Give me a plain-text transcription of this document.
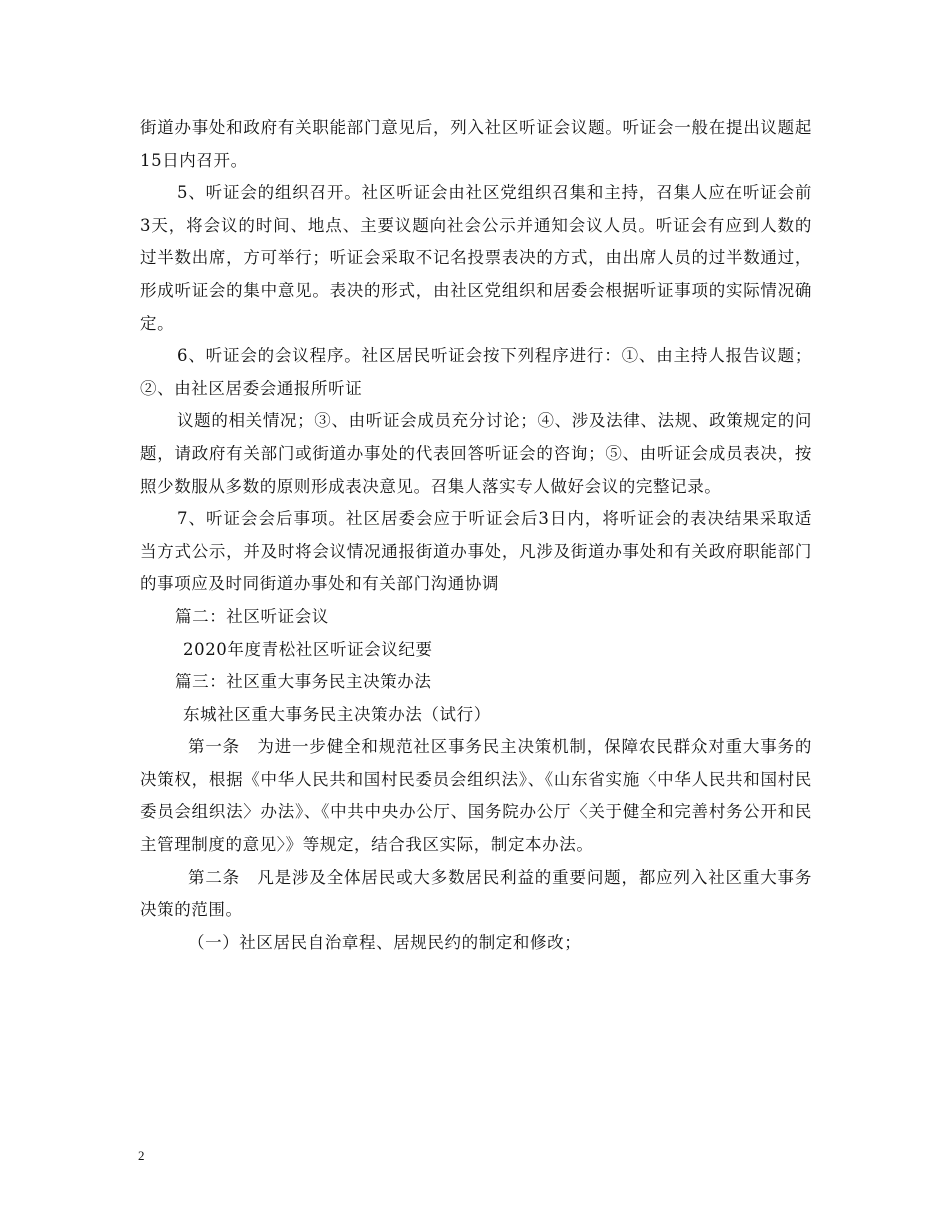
街道办事处和政府有关职能部门意见后，列入社区听证会议题。听证会一般在提出议题起15日内召开。

5、听证会的组织召开。社区听证会由社区党组织召集和主持，召集人应在听证会前3天，将会议的时间、地点、主要议题向社会公示并通知会议人员。听证会有应到人数的过半数出席，方可举行；听证会采取不记名投票表决的方式，由出席人员的过半数通过，形成听证会的集中意见。表决的形式，由社区党组织和居委会根据听证事项的实际情况确定。

6、听证会的会议程序。社区居民听证会按下列程序进行：①、由主持人报告议题；②、由社区居委会通报所听证

议题的相关情况；③、由听证会成员充分讨论；④、涉及法律、法规、政策规定的问题，请政府有关部门或街道办事处的代表回答听证会的咨询；⑤、由听证会成员表决，按照少数服从多数的原则形成表决意见。召集人落实专人做好会议的完整记录。

7、听证会会后事项。社区居委会应于听证会后3日内，将听证会的表决结果采取适当方式公示，并及时将会议情况通报街道办事处，凡涉及街道办事处和有关政府职能部门的事项应及时同街道办事处和有关部门沟通协调

篇二：社区听证会议

2020年度青松社区听证会议纪要

篇三：社区重大事务民主决策办法

东城社区重大事务民主决策办法（试行）

第一条　为进一步健全和规范社区事务民主决策机制，保障农民群众对重大事务的决策权，根据《中华人民共和国村民委员会组织法》、《山东省实施〈中华人民共和国村民委员会组织法〉办法》、《中共中央办公厅、国务院办公厅〈关于健全和完善村务公开和民主管理制度的意见〉》等规定，结合我区实际，制定本办法。

第二条　凡是涉及全体居民或大多数居民利益的重要问题，都应列入社区重大事务决策的范围。

（一）社区居民自治章程、居规民约的制定和修改；

2
